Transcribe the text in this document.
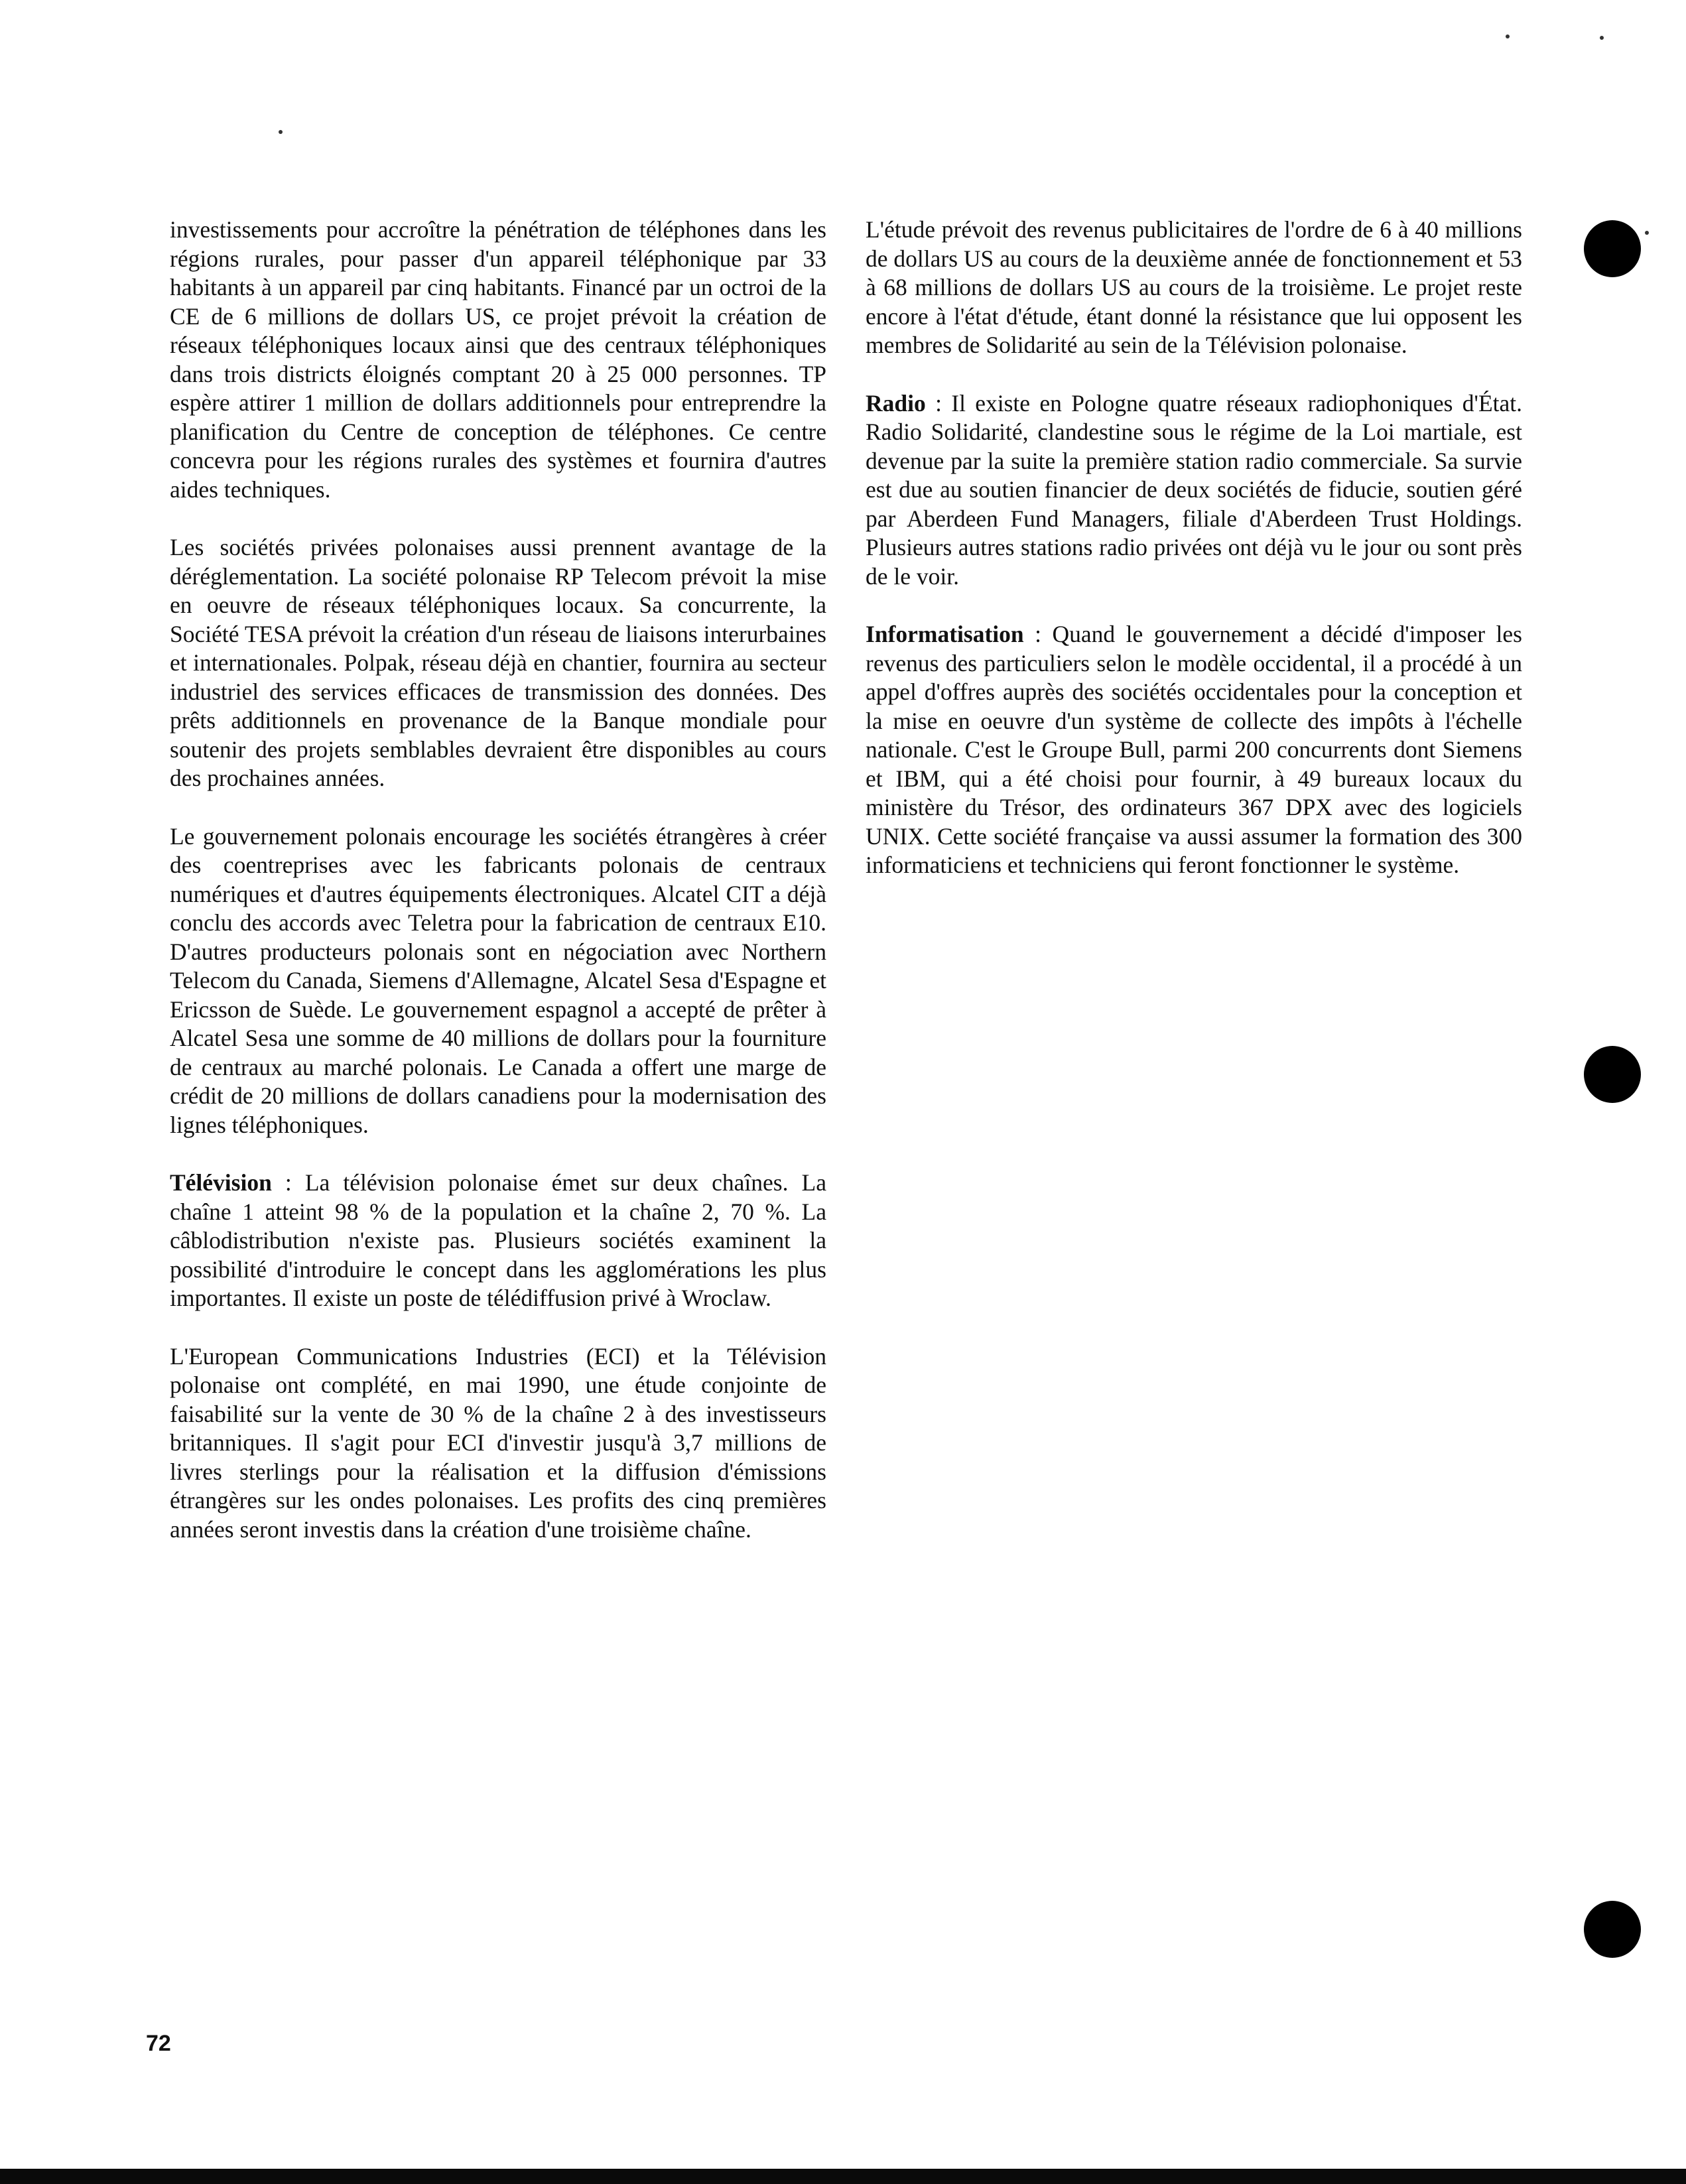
investissements pour accroître la pénétration de téléphones dans les régions rurales, pour passer d'un appareil téléphonique par 33 habitants à un appareil par cinq habitants. Financé par un octroi de la CE de 6 millions de dollars US, ce projet prévoit la création de réseaux téléphoniques locaux ainsi que des centraux téléphoniques dans trois districts éloignés comptant 20 à 25 000 personnes. TP espère attirer 1 million de dollars additionnels pour entreprendre la planification du Centre de conception de téléphones. Ce centre concevra pour les régions rurales des systèmes et fournira d'autres aides techniques.

Les sociétés privées polonaises aussi prennent avantage de la déréglementation. La société polonaise RP Telecom prévoit la mise en oeuvre de réseaux téléphoniques locaux. Sa concurrente, la Société TESA prévoit la création d'un réseau de liaisons interurbaines et internationales. Polpak, réseau déjà en chantier, fournira au secteur industriel des services efficaces de transmission des données. Des prêts additionnels en provenance de la Banque mondiale pour soutenir des projets semblables devraient être disponibles au cours des prochaines années.

Le gouvernement polonais encourage les sociétés étrangères à créer des coentreprises avec les fabricants polonais de centraux numériques et d'autres équipements électroniques. Alcatel CIT a déjà conclu des accords avec Teletra pour la fabrication de centraux E10. D'autres producteurs polonais sont en négociation avec Northern Telecom du Canada, Siemens d'Allemagne, Alcatel Sesa d'Espagne et Ericsson de Suède. Le gouvernement espagnol a accepté de prêter à Alcatel Sesa une somme de 40 millions de dollars pour la fourniture de centraux au marché polonais. Le Canada a offert une marge de crédit de 20 millions de dollars canadiens pour la modernisation des lignes téléphoniques.

Télévision : La télévision polonaise émet sur deux chaînes. La chaîne 1 atteint 98 % de la population et la chaîne 2, 70 %. La câblodistribution n'existe pas. Plusieurs sociétés examinent la possibilité d'introduire le concept dans les agglomérations les plus importantes. Il existe un poste de télédiffusion privé à Wroclaw.

L'European Communications Industries (ECI) et la Télévision polonaise ont complété, en mai 1990, une étude conjointe de faisabilité sur la vente de 30 % de la chaîne 2 à des investisseurs britanniques. Il s'agit pour ECI d'investir jusqu'à 3,7 millions de livres sterlings pour la réalisation et la diffusion d'émissions étrangères sur les ondes polonaises. Les profits des cinq premières années seront investis dans la création d'une troisième chaîne.

L'étude prévoit des revenus publicitaires de l'ordre de 6 à 40 millions de dollars US au cours de la deuxième année de fonctionnement et 53 à 68 millions de dollars US au cours de la troisième. Le projet reste encore à l'état d'étude, étant donné la résistance que lui opposent les membres de Solidarité au sein de la Télévision polonaise.

Radio : Il existe en Pologne quatre réseaux radiophoniques d'État. Radio Solidarité, clandestine sous le régime de la Loi martiale, est devenue par la suite la première station radio commerciale. Sa survie est due au soutien financier de deux sociétés de fiducie, soutien géré par Aberdeen Fund Managers, filiale d'Aberdeen Trust Holdings. Plusieurs autres stations radio privées ont déjà vu le jour ou sont près de le voir.

Informatisation : Quand le gouvernement a décidé d'imposer les revenus des particuliers selon le modèle occidental, il a procédé à un appel d'offres auprès des sociétés occidentales pour la conception et la mise en oeuvre d'un système de collecte des impôts à l'échelle nationale. C'est le Groupe Bull, parmi 200 concurrents dont Siemens et IBM, qui a été choisi pour fournir, à 49 bureaux locaux du ministère du Trésor, des ordinateurs 367 DPX avec des logiciels UNIX. Cette société française va aussi assumer la formation des 300 informaticiens et techniciens qui feront fonctionner le système.

72
